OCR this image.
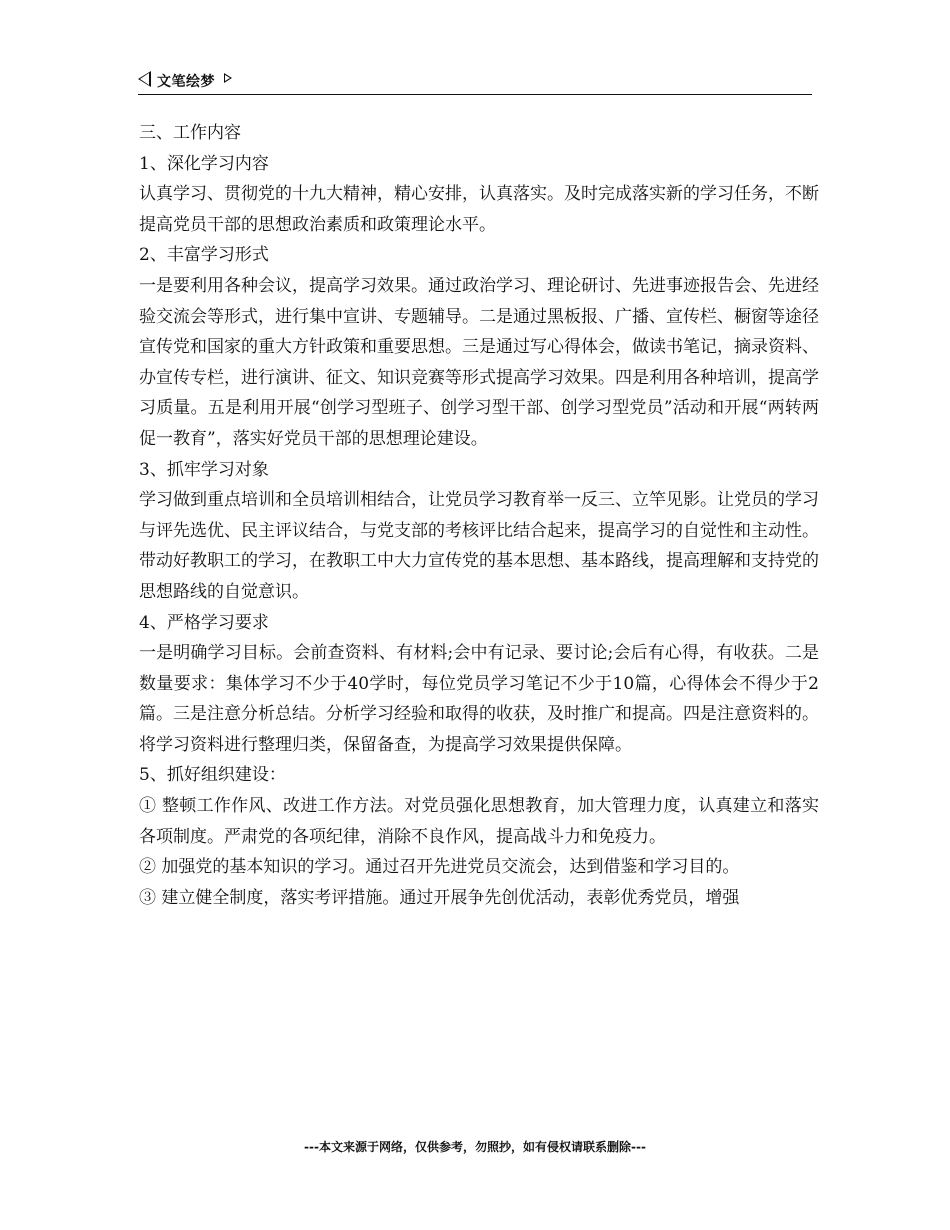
文笔绘梦

三、工作内容

1、深化学习内容

认真学习、贯彻党的十九大精神，精心安排，认真落实。及时完成落实新的学习任务，不断提高党员干部的思想政治素质和政策理论水平。

2、丰富学习形式

一是要利用各种会议，提高学习效果。通过政治学习、理论研讨、先进事迹报告会、先进经验交流会等形式，进行集中宣讲、专题辅导。二是通过黑板报、广播、宣传栏、橱窗等途径宣传党和国家的重大方针政策和重要思想。三是通过写心得体会，做读书笔记，摘录资料、办宣传专栏，进行演讲、征文、知识竞赛等形式提高学习效果。四是利用各种培训，提高学习质量。五是利用开展“创学习型班子、创学习型干部、创学习型党员”活动和开展“两转两促一教育”，落实好党员干部的思想理论建设。

3、抓牢学习对象

学习做到重点培训和全员培训相结合，让党员学习教育举一反三、立竿见影。让党员的学习与评先选优、民主评议结合，与党支部的考核评比结合起来，提高学习的自觉性和主动性。带动好教职工的学习，在教职工中大力宣传党的基本思想、基本路线，提高理解和支持党的思想路线的自觉意识。

4、严格学习要求

一是明确学习目标。会前查资料、有材料;会中有记录、要讨论;会后有心得，有收获。二是数量要求：集体学习不少于40学时，每位党员学习笔记不少于10篇，心得体会不得少于2篇。三是注意分析总结。分析学习经验和取得的收获，及时推广和提高。四是注意资料的。将学习资料进行整理归类，保留备查，为提高学习效果提供保障。

5、抓好组织建设：

① 整顿工作作风、改进工作方法。对党员强化思想教育，加大管理力度，认真建立和落实各项制度。严肃党的各项纪律，消除不良作风，提高战斗力和免疫力。

② 加强党的基本知识的学习。通过召开先进党员交流会，达到借鉴和学习目的。

③ 建立健全制度，落实考评措施。通过开展争先创优活动，表彰优秀党员，增强

---本文来源于网络，仅供参考，勿照抄，如有侵权请联系删除---
